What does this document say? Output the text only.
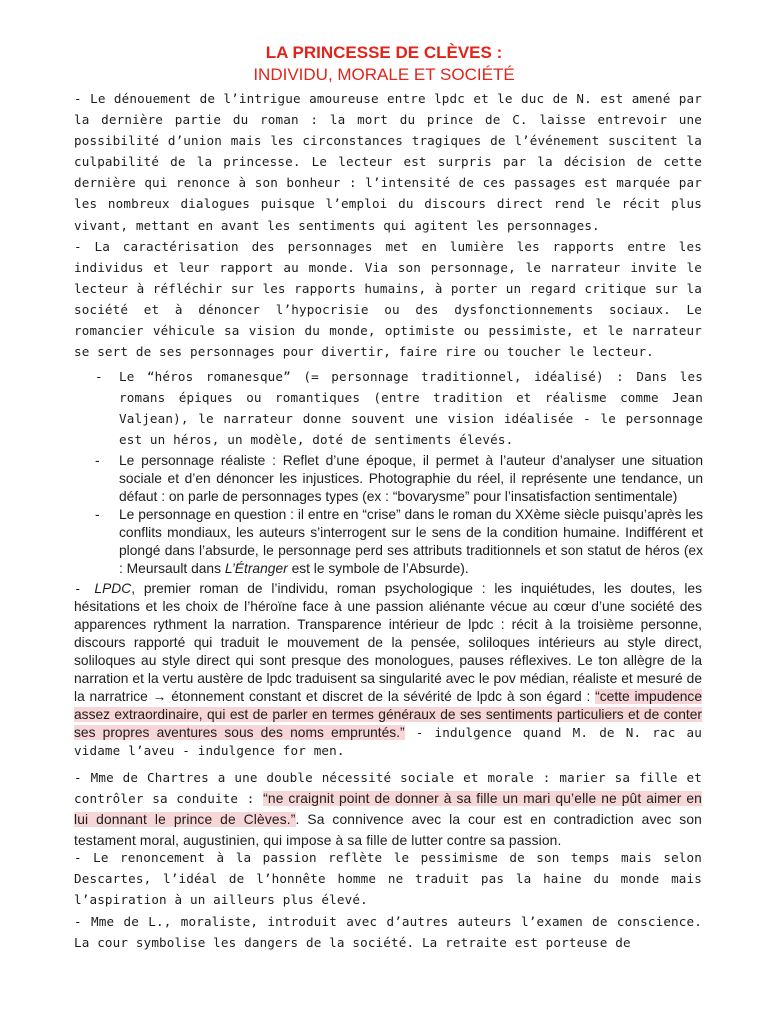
LA PRINCESSE DE CLÈVES :
INDIVIDU, MORALE ET SOCIÉTÉ
- Le dénouement de l’intrigue amoureuse entre lpdc et le duc de N. est amené par la dernière partie du roman : la mort du prince de C. laisse entrevoir une possibilité d’union mais les circonstances tragiques de l’événement suscitent la culpabilité de la princesse. Le lecteur est surpris par la décision de cette dernière qui renonce à son bonheur : l’intensité de ces passages est marquée par les nombreux dialogues puisque l’emploi du discours direct rend le récit plus vivant, mettant en avant les sentiments qui agitent les personnages.
- La caractérisation des personnages met en lumière les rapports entre les individus et leur rapport au monde. Via son personnage, le narrateur invite le lecteur à réfléchir sur les rapports humains, à porter un regard critique sur la société et à dénoncer l’hypocrisie ou des dysfonctionnements sociaux. Le romancier véhicule sa vision du monde, optimiste ou pessimiste, et le narrateur se sert de ses personnages pour divertir, faire rire ou toucher le lecteur.
- Le “héros romanesque” (= personnage traditionnel, idéalisé) : Dans les romans épiques ou romantiques (entre tradition et réalisme comme Jean Valjean), le narrateur donne souvent une vision idéalisée - le personnage est un héros, un modèle, doté de sentiments élevés.
- Le personnage réaliste : Reflet d’une époque, il permet à l’auteur d’analyser une situation sociale et d’en dénoncer les injustices. Photographie du réel, il représente une tendance, un défaut : on parle de personnages types (ex : “bovarysme” pour l’insatisfaction sentimentale)
- Le personnage en question : il entre en “crise” dans le roman du XXème siècle puisqu’après les conflits mondiaux, les auteurs s’interrogent sur le sens de la condition humaine. Indifférent et plongé dans l’absurde, le personnage perd ses attributs traditionnels et son statut de héros (ex : Meursault dans L’Étranger est le symbole de l’Absurde).
- LPDC, premier roman de l’individu, roman psychologique : les inquiétudes, les doutes, les hésitations et les choix de l’héroïne face à une passion aliénante vécue au cœur d’une société des apparences rythment la narration. Transparence intérieur de lpdc : récit à la troisième personne, discours rapporté qui traduit le mouvement de la pensée, soliloques intérieurs au style direct, soliloques au style direct qui sont presque des monologues, pauses réflexives. Le ton allègre de la narration et la vertu austère de lpdc traduisent sa singularité avec le pov médian, réaliste et mesuré de la narratrice → étonnement constant et discret de la sévérité de lpdc à son égard : “cette impudence assez extraordinaire, qui est de parler en termes généraux de ses sentiments particuliers et de conter ses propres aventures sous des noms empruntés.” - indulgence quand M. de N. rac au vidame l’aveu - indulgence for men.
- Mme de Chartres a une double nécessité sociale et morale : marier sa fille et contrôler sa conduite : “ne craignit point de donner à sa fille un mari qu’elle ne pût aimer en lui donnant le prince de Clèves.”. Sa connivence avec la cour est en contradiction avec son testament moral, augustinien, qui impose à sa fille de lutter contre sa passion.
- Le renoncement à la passion reflète le pessimisme de son temps mais selon Descartes, l’idéal de l’honnête homme ne traduit pas la haine du monde mais l’aspiration à un ailleurs plus élevé.
- Mme de L., moraliste, introduit avec d’autres auteurs l’examen de conscience. La cour symbolise les dangers de la société. La retraite est porteuse de
